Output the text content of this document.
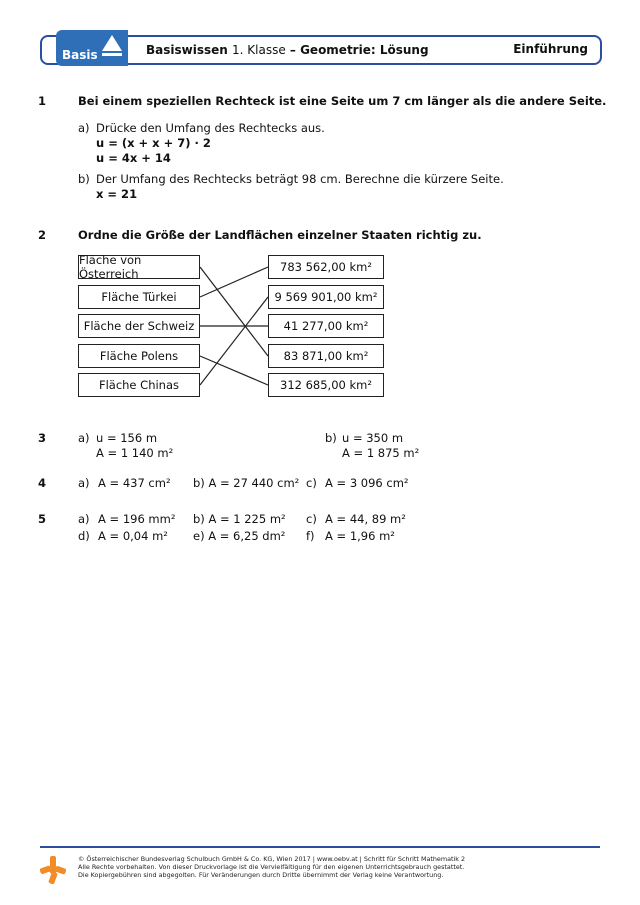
Basis	Basiswissen 1. Klasse – Geometrie: Lösung	Einführung
1	Bei einem speziellen Rechteck ist eine Seite um 7 cm länger als die andere Seite.
a) Drücke den Umfang des Rechtecks aus.
u = (x + x + 7) · 2
u = 4x + 14
b) Der Umfang des Rechtecks beträgt 98 cm. Berechne die kürzere Seite.
x = 21
2	Ordne die Größe der Landflächen einzelner Staaten richtig zu.
Fläche von Österreich
Fläche Türkei
Fläche der Schweiz
Fläche Polens
Fläche Chinas
783 562,00 km²
9 569 901,00 km²
41 277,00 km²
83 871,00 km²
312 685,00 km²
3	a) u = 156 m
A = 1 140 m²
b) u = 350 m
A = 1 875 m²
4	a) A = 437 cm² b) A = 27 440 cm² c) A = 3 096 cm²
5	a) A = 196 mm² b) A = 1 225 m² c) A = 44, 89 m²
d) A = 0,04 m² e) A = 6,25 dm² f) A = 1,96 m²
© Österreichischer Bundesverlag Schulbuch GmbH & Co. KG, Wien 2017 | www.oebv.at | Schritt für Schritt Mathematik 2
Alle Rechte vorbehalten. Von dieser Druckvorlage ist die Vervielfältigung für den eigenen Unterrichtsgebrauch gestattet.
Die Kopiergebühren sind abgegolten. Für Veränderungen durch Dritte übernimmt der Verlag keine Verantwortung.
